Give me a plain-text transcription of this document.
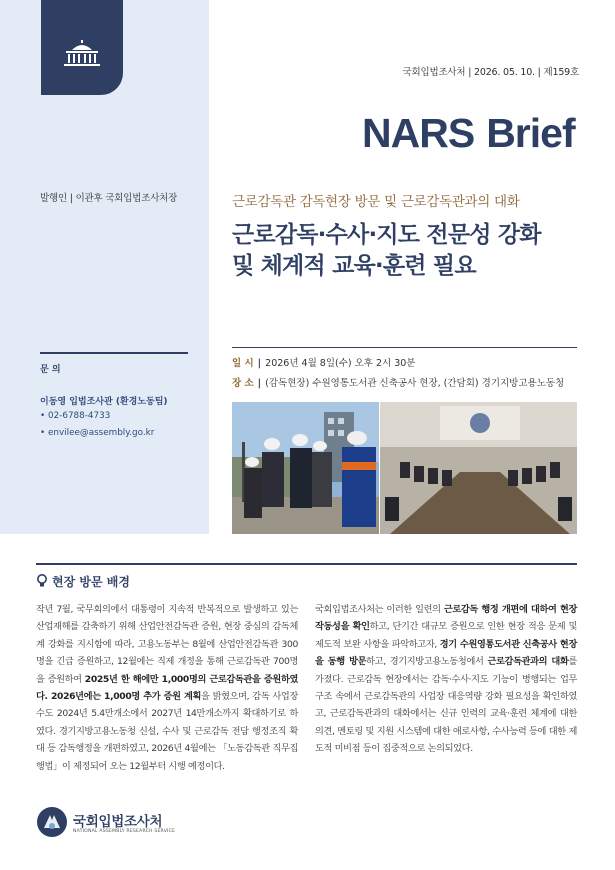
발행인 | 이관후 국회입법조사처장
문 의
이동영 입법조사관 (환경노동팀)
• 02-6788-4733
• envilee@assembly.go.kr
국회입법조사처 | 2026. 05. 10. | 제159호
NARS Brief
근로감독관 감독현장 방문 및 근로감독관과의 대화
근로감독·수사·지도 전문성 강화
및 체계적 교육·훈련 필요
일 시 | 2026년 4월 8일(수) 오후 2시 30분
장 소 | (감독현장) 수원영통도서관 신축공사 현장, (간담회) 경기지방고용노동청
현장 방문 배경
작년 7월, 국무회의에서 대통령이 지속적 반복적으로 발생하고 있는 산업재해를 감축하기 위해 산업안전감독관 증원, 현장 중심의 감독체계 강화를 지시함에 따라, 고용노동부는 8월에 산업안전감독관 300명을 긴급 증원하고, 12월에는 직제 개정을 통해 근로감독관 700명을 증원하여 2025년 한 해에만 1,000명의 근로감독관을 증원하였다. 2026년에는 1,000명 추가 증원 계획을 밝혔으며, 감독 사업장 수도 2024년 5.4만개소에서 2027년 14만개소까지 확대하기로 하였다. 경기지방고용노동청 신설, 수사 및 근로감독 전담 행정조직 확대 등 감독행정을 개편하였고, 2026년 4월에는 「노동감독관 직무집행법」이 제정되어 오는 12월부터 시행 예정이다.
국회입법조사처는 이러한 일련의 근로감독 행정 개편에 대하여 현장 작동성을 확인하고, 단기간 대규모 증원으로 인한 현장 적응 문제 및 제도적 보완 사항을 파악하고자, 경기 수원영통도서관 신축공사 현장을 동행 방문하고, 경기지방고용노동청에서 근로감독관과의 대화를 가졌다. 근로감독 현장에서는 감독·수사·지도 기능이 병행되는 업무 구조 속에서 근로감독관의 사업장 대응역량 강화 필요성을 확인하였고, 근로감독관과의 대화에서는 신규 인력의 교육·훈련 체계에 대한 의견, 멘토링 및 지원 시스템에 대한 애로사항, 수사능력 등에 대한 제도적 미비점 등이 집중적으로 논의되었다.
국회입법조사처
NATIONAL ASSEMBLY RESEARCH SERVICE
